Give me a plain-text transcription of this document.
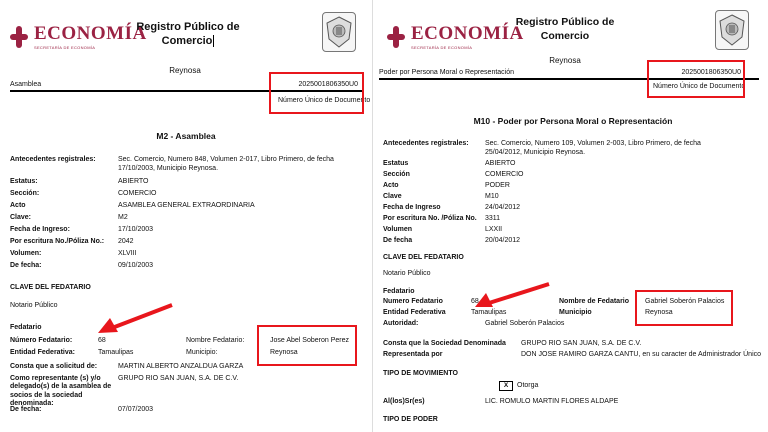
ECONOMÍA
SECRETARÍA DE ECONOMÍA
Registro Público de
Comercio
Reynosa
Asamblea	2025001806350U0
Número Único de Documento
M2 - Asamblea
Antecedentes registrales:	Sec. Comercio, Numero 848, Volumen 2-017, Libro Primero, de fecha 17/10/2003, Municipio Reynosa.
Estatus:	ABIERTO
Sección:	COMERCIO
Acto	ASAMBLEA GENERAL EXTRAORDINARIA
Clave:	M2
Fecha de Ingreso:	17/10/2003
Por escritura No./Póliza No.: 2042
Volumen:	XLVIII
De fecha:	09/10/2003
CLAVE DEL FEDATARIO
Notario Público
Fedatario
Número Fedatario:	68	Nombre Fedatario:	Jose Abel Soberon Perez
Entidad Federativa:	Tamaulipas	Municipio:	Reynosa
Consta que a solicitud de:	MARTIN ALBERTO ANZALDUA GARZA
Como representante (s) y/o delegado(s) de la asamblea de socios de la sociedad denominada:
GRUPO RIO SAN JUAN, S.A. DE C.V.
De fecha:	07/07/2003
ECONOMÍA
SECRETARÍA DE ECONOMÍA
Registro Público de
Comercio
Reynosa
Poder por Persona Moral o Representación	2025001806350U0
Número Único de Documento
M10 - Poder por Persona Moral o Representación
Antecedentes registrales: Sec. Comercio, Numero 109, Volumen 2-003, Libro Primero, de fecha 25/04/2012, Municipio Reynosa.
Estatus	ABIERTO
Sección	COMERCIO
Acto	PODER
Clave	M10
Fecha de Ingreso	24/04/2012
Por escritura No. /Póliza No. 3311
Volumen	LXXII
De fecha	20/04/2012
CLAVE DEL FEDATARIO
Notario Público
Fedatario
Numero Fedatario	68	Nombre de Fedatario Gabriel Soberón Palacios
Entidad Federativa	Tamaulipas	Municipio	Reynosa
Autoridad:	Gabriel Soberón Palacios
Consta que la Sociedad Denominada GRUPO RIO SAN JUAN, S.A. DE C.V.
Representada por	DON JOSE RAMIRO GARZA CANTU, en su caracter de Administrador Único
TIPO DE MOVIMIENTO
X	Otorga
Al(los)Sr(es)	LIC. ROMULO MARTIN FLORES ALDAPE
TIPO DE PODER
